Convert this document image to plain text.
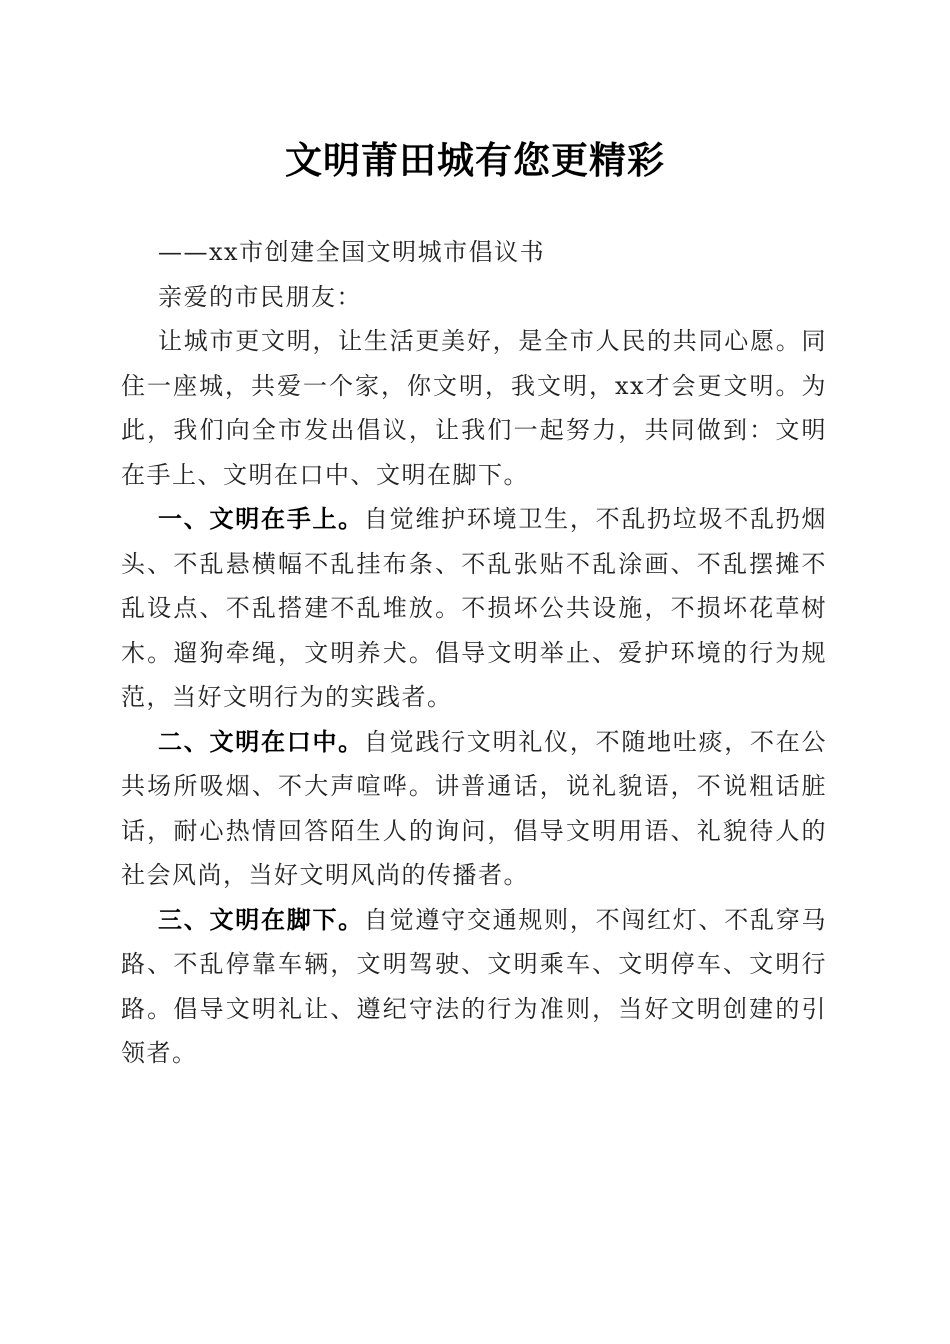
文明莆田城有您更精彩

——xx市创建全国文明城市倡议书

亲爱的市民朋友：

让城市更文明，让生活更美好，是全市人民的共同心愿。同住一座城，共爱一个家，你文明，我文明，xx才会更文明。为此，我们向全市发出倡议，让我们一起努力，共同做到：文明在手上、文明在口中、文明在脚下。

一、文明在手上。自觉维护环境卫生，不乱扔垃圾不乱扔烟头、不乱悬横幅不乱挂布条、不乱张贴不乱涂画、不乱摆摊不乱设点、不乱搭建不乱堆放。不损坏公共设施，不损坏花草树木。遛狗牵绳，文明养犬。倡导文明举止、爱护环境的行为规范，当好文明行为的实践者。

二、文明在口中。自觉践行文明礼仪，不随地吐痰，不在公共场所吸烟、不大声喧哗。讲普通话，说礼貌语，不说粗话脏话，耐心热情回答陌生人的询问，倡导文明用语、礼貌待人的社会风尚，当好文明风尚的传播者。

三、文明在脚下。自觉遵守交通规则，不闯红灯、不乱穿马路、不乱停靠车辆，文明驾驶、文明乘车、文明停车、文明行路。倡导文明礼让、遵纪守法的行为准则，当好文明创建的引领者。
